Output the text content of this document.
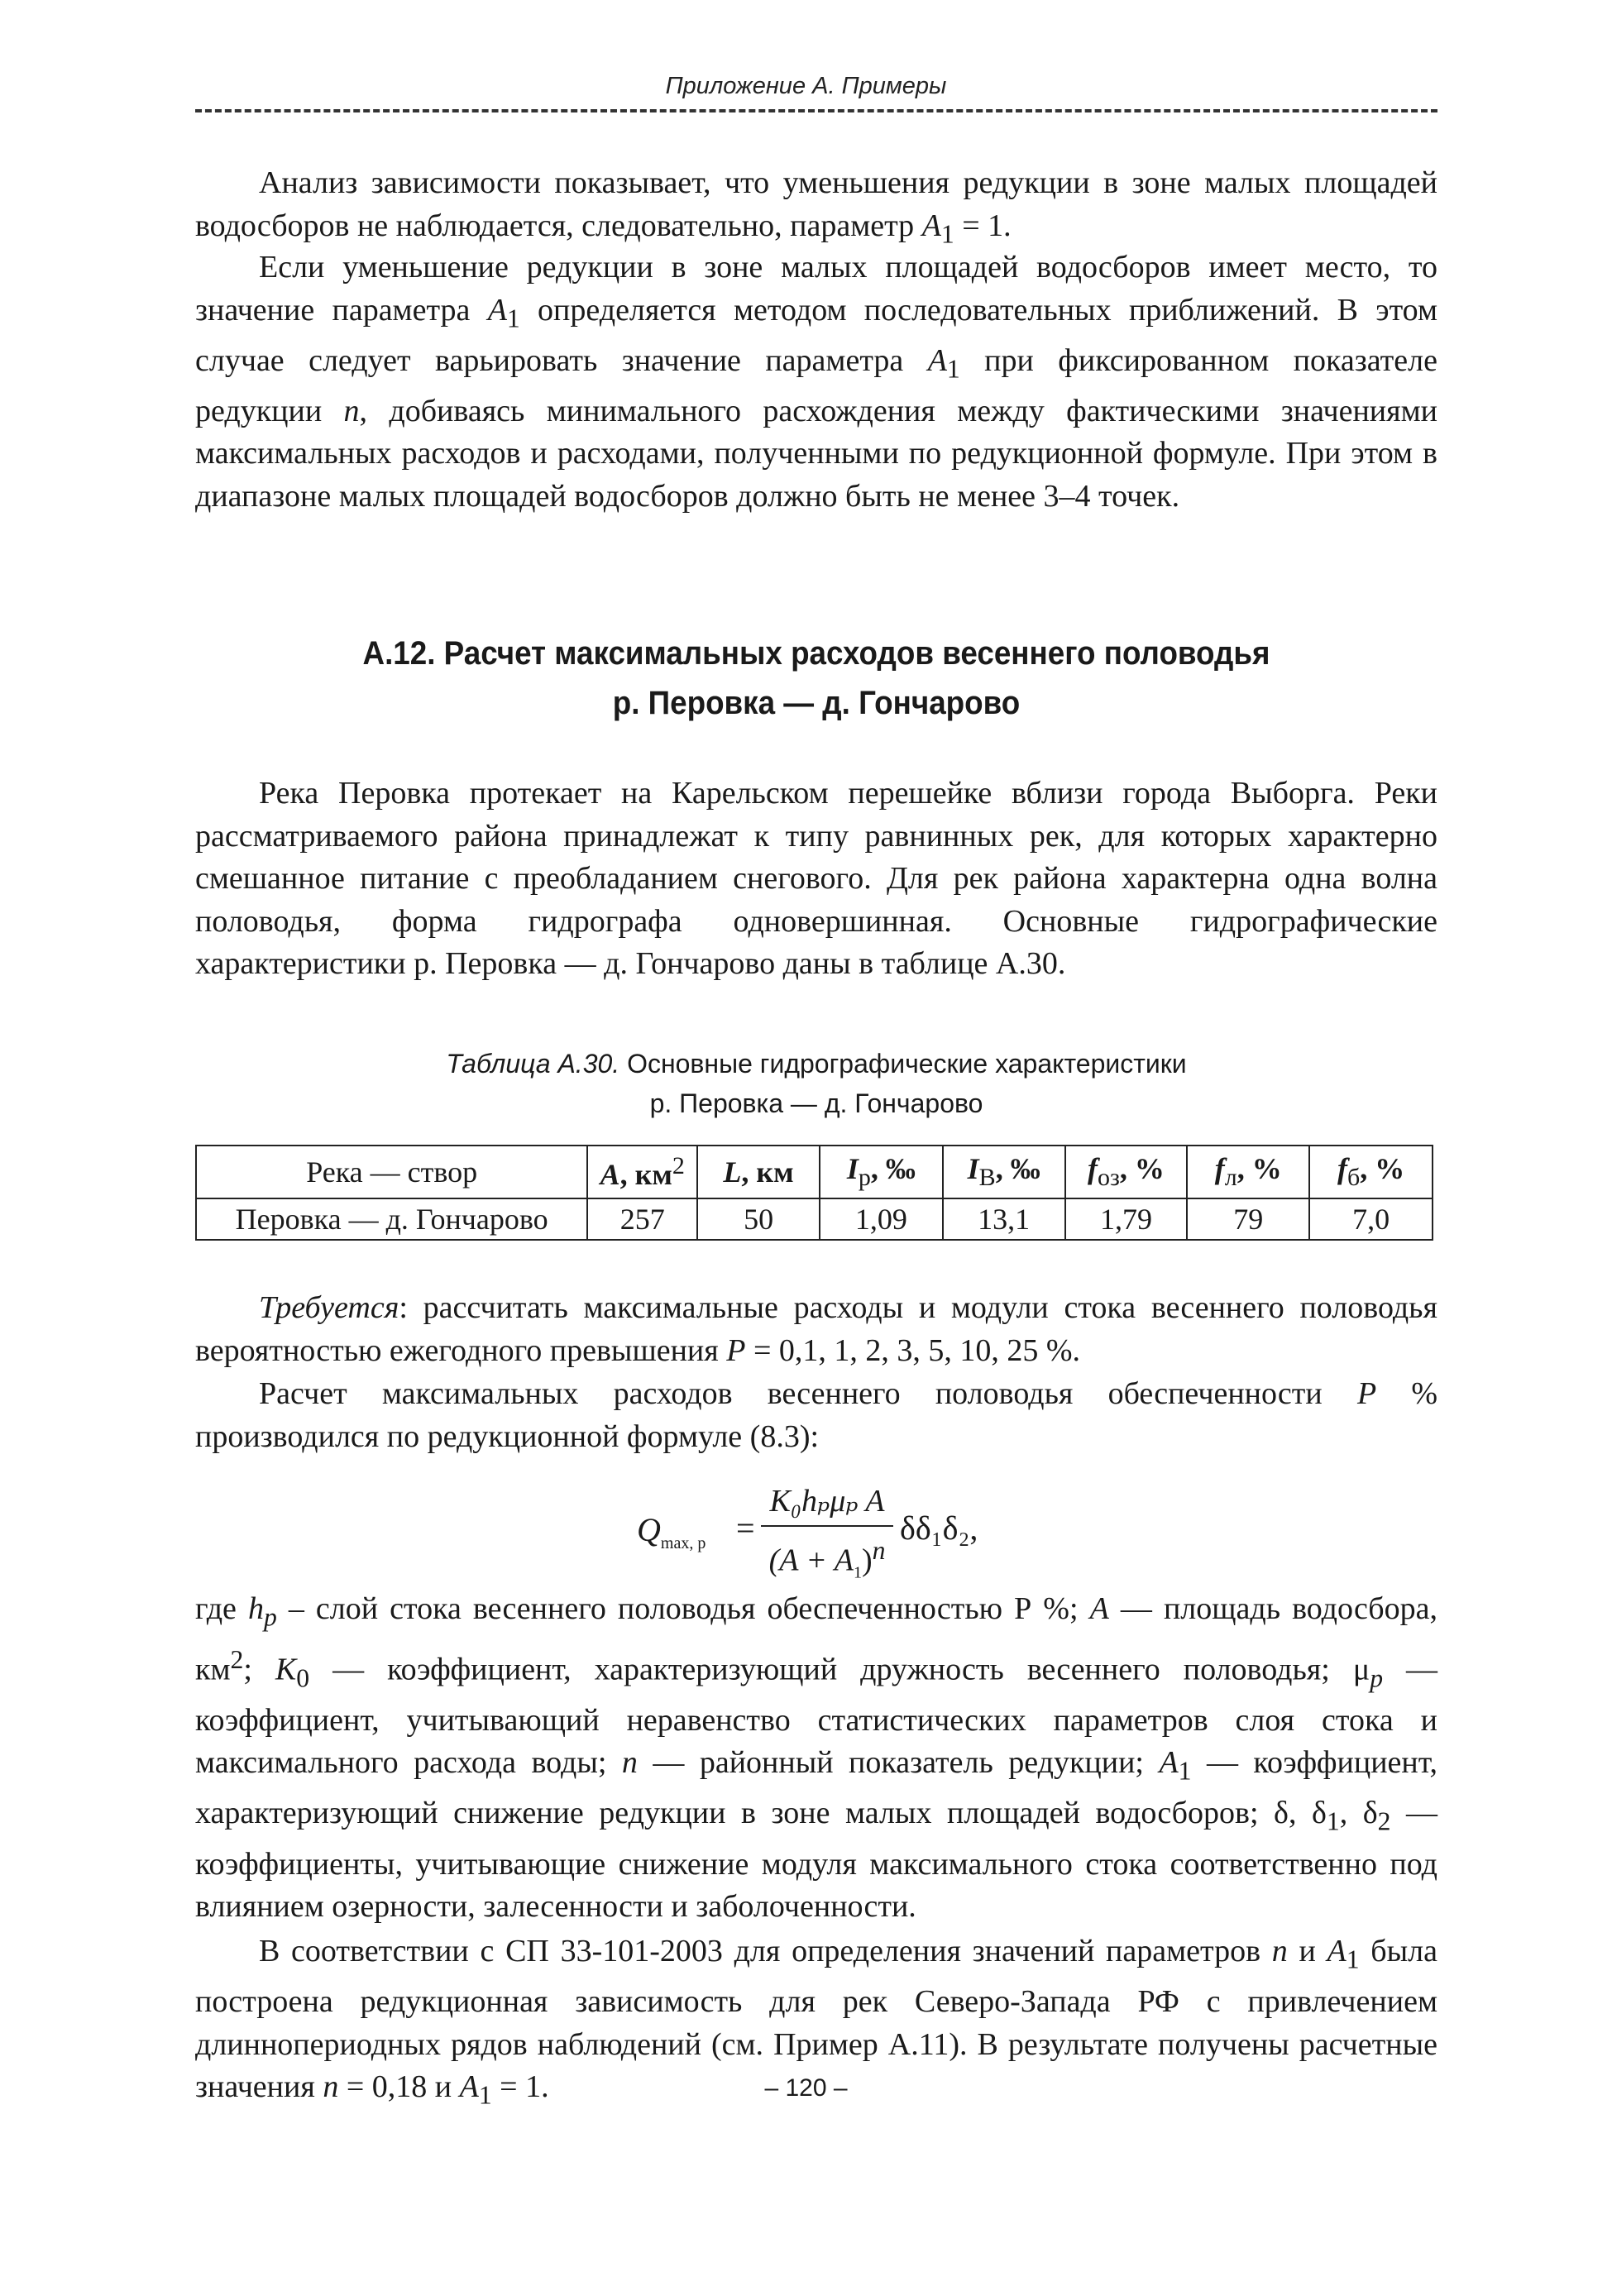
Приложение А. Примеры

Анализ зависимости показывает, что уменьшения редукции в зоне малых площадей водосборов не наблюдается, следовательно, параметр $A_1 = 1$.

Если уменьшение редукции в зоне малых площадей водосборов имеет место, то значение параметра $A_1$ определяется методом последовательных приближений. В этом случае следует варьировать значение параметра $A_1$ при фиксированном показателе редукции n, добиваясь минимального расхождения между фактическими значениями максимальных расходов и расходами, полученными по редукционной формуле. При этом в диапазоне малых площадей водосборов должно быть не менее 3–4 точек.

А.12. Расчет максимальных расходов весеннего половодья
р. Перовка — д. Гончарово

Река Перовка протекает на Карельском перешейке вблизи города Выборга. Реки рассматриваемого района принадлежат к типу равнинных рек, для которых характерно смешанное питание с преобладанием снегового. Для рек района характерна одна волна половодья, форма гидрографа одновершинная. Основные гидрографические характеристики р. Перовка — д. Гончарово даны в таблице А.30.

Таблица А.30. Основные гидрографические характеристики
р. Перовка — д. Гончарово
Река — створ	A, $км^2$	L, км	$I_р$, ‰	$I_В$, ‰	$f_{оз}$, %	$f_л$, %	$f_б$, %
Перовка — д. Гончарово	257	50	1,09	13,1	1,79	79	7,0

Требуется: рассчитать максимальные расходы и модули стока весеннего половодья вероятностью ежегодного превышения P = 0,1, 1, 2, 3, 5, 10, 25 %.

Расчет максимальных расходов весеннего половодья обеспеченности P % производился по редукционной формуле (8.3):

$Q_{max, p}$ =
K₀hₚμₚ A
$(A + A_1)^n$
δδ₁δ₂,

где $h_p$ – слой стока весеннего половодья обеспеченностью Р %; A — площадь водосбора, $км^2$; $K_0$ — коэффициент, характеризующий дружность весеннего половодья; $\mu_p$ — коэффициент, учитывающий неравенство статистических параметров слоя стока и максимального расхода воды; n — районный показатель редукции; $A_1$ — коэффициент, характеризующий снижение редукции в зоне малых площадей водосборов; δ, $\delta_1$, $\delta_2$ — коэффициенты, учитывающие снижение модуля максимального стока соответственно под влиянием озерности, залесенности и заболоченности.

В соответствии с СП 33-101-2003 для определения значений параметров n и $A_1$ была построена редукционная зависимость для рек Северо-Запада РФ с привлечением длиннопериодных рядов наблюдений (см. Пример А.11). В результате получены расчетные значения n = 0,18 и $A_1 = 1$.	– 120 –
